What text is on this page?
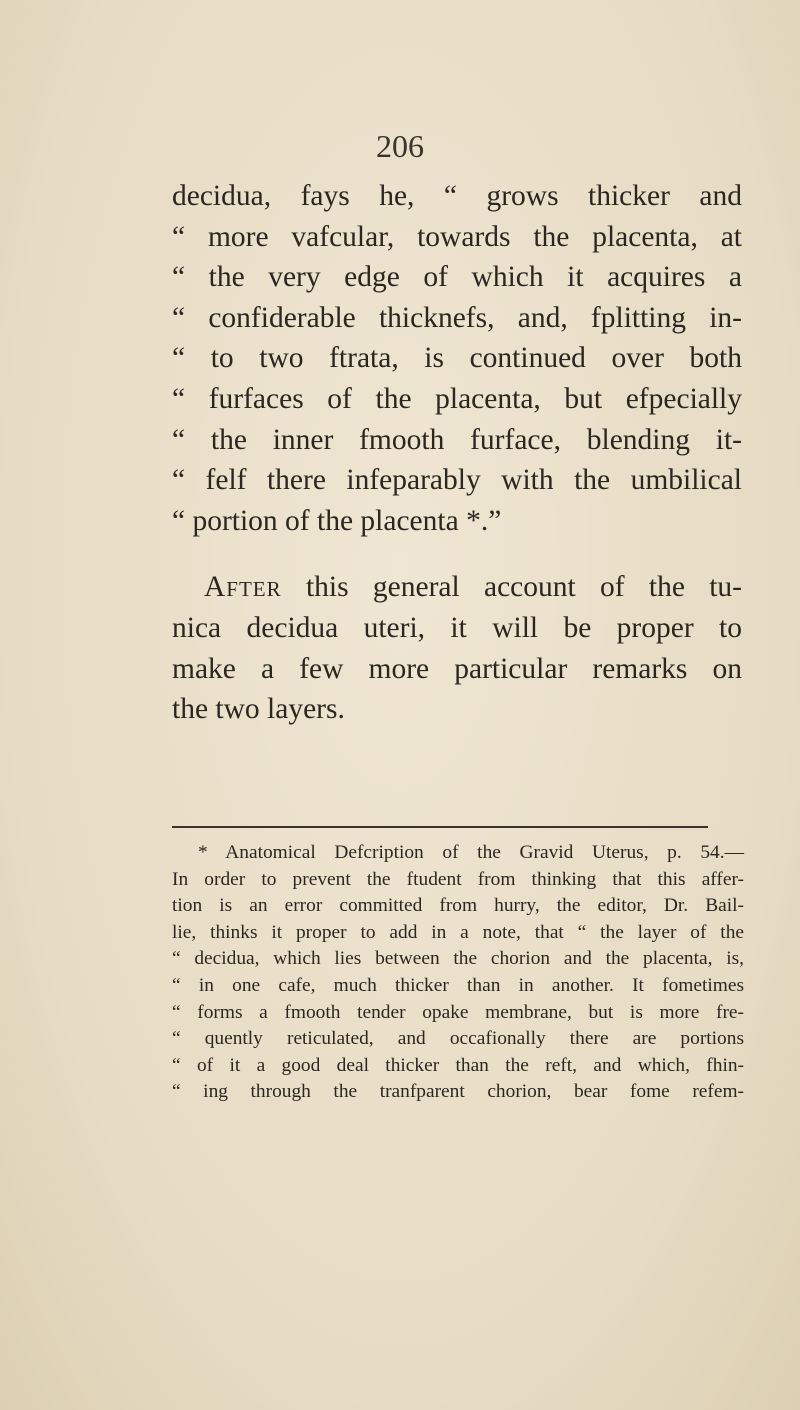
206
decidua, fays he, “ grows thicker and
“ more vafcular, towards the placenta, at
“ the very edge of which it acquires a
“ confiderable thicknefs, and, fplitting in-
“ to two ftrata, is continued over both
“ furfaces of the placenta, but efpecially
“ the inner fmooth furface, blending it-
“ felf there infeparably with the umbilical
“ portion of the placenta *.”
After this general account of the tu-
nica decidua uteri, it will be proper to
make a few more particular remarks on
the two layers.
* Anatomical Defcription of the Gravid Uterus, p. 54.—
In order to prevent the ftudent from thinking that this affer-
tion is an error committed from hurry, the editor, Dr. Bail-
lie, thinks it proper to add in a note, that “ the layer of the
“ decidua, which lies between the chorion and the placenta, is,
“ in one cafe, much thicker than in another. It fometimes
“ forms a fmooth tender opake membrane, but is more fre-
“ quently reticulated, and occafionally there are portions
“ of it a good deal thicker than the reft, and which, fhin-
“ ing through the tranfparent chorion, bear fome refem-
